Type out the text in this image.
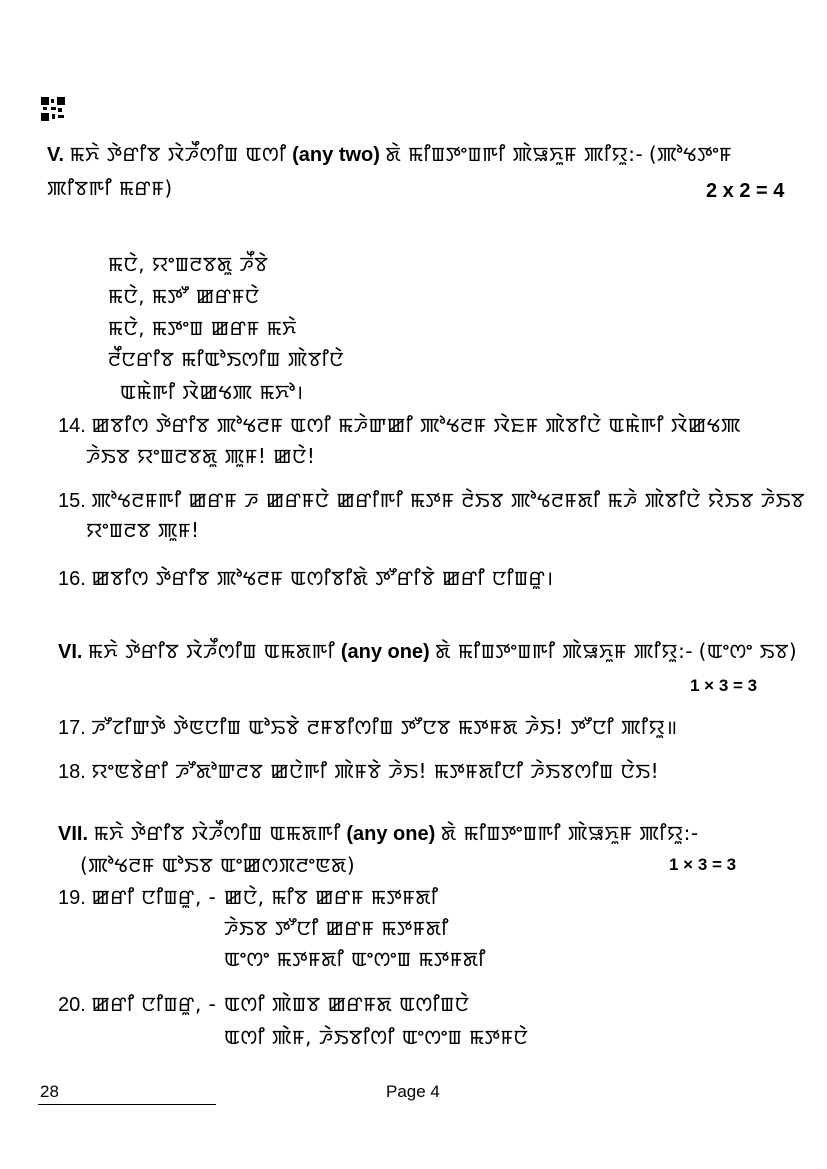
V. ꯃꯈꯥ ꯇꯥꯔꯤꯕ ꯋꯥꯍꯩꯁꯤꯡ ꯑꯁꯤ (any two) ꯗꯥ ꯃꯤꯡꯇꯦꯡꯒꯤ ꯄꯥꯎꯈꯨꯝ ꯄꯤꯌꯨ:- (ꯄꯣꯠꯇꯦꯝ
ꯄꯤꯕꯒꯤ ꯃꯔꯝ)	2 x 2 = 4
ꯃꯅꯥ, ꯌꯦꯡꯂꯕꯗꯨ ꯍꯩꯕꯥ
ꯃꯅꯥ, ꯃꯇꯧ ꯀꯔꯝꯅꯥ
ꯃꯅꯥ, ꯃꯇꯦꯡ ꯀꯔꯝ ꯃꯈꯥ
ꯂꯩꯅꯔꯤꯕ ꯃꯤꯑꯣꯏꯁꯤꯡ ꯄꯥꯕꯤꯅꯥ
ꯑꯃꯥꯒꯤ ꯋꯥꯀꯠꯄ ꯃꯈꯣ।
14. ꯀꯕꯤꯁ ꯇꯥꯔꯤꯕ ꯄꯣꯠꯂꯝ ꯑꯁꯤ ꯃꯍꯥꯛꯀꯤ ꯄꯣꯠꯂꯝ ꯋꯥꯐꯝ ꯄꯥꯕꯤꯅꯥ ꯑꯃꯥꯒꯤ ꯋꯥꯀꯠꯄ
ꯍꯥꯏꯕ ꯌꯦꯡꯂꯕꯗꯨ ꯄꯨꯝ! ꯀꯅꯥ!
15. ꯄꯣꯠꯂꯝꯒꯤ ꯀꯔꯝ ꯍ ꯀꯔꯝꯅꯥ ꯀꯔꯤꯒꯤ ꯃꯇꯝ ꯂꯥꯏꯕ ꯄꯣꯠꯂꯝꯗꯤ ꯃꯍꯥ ꯄꯥꯕꯤꯅꯥ ꯌꯥꯏꯕ ꯍꯥꯏꯕ
ꯌꯦꯡꯂꯕ ꯄꯨꯝ!
16. ꯀꯕꯤꯁ ꯇꯥꯔꯤꯕ ꯄꯣꯠꯂꯝ ꯑꯁꯤꯕꯤꯗꯥ ꯇꯧꯔꯤꯕꯥ ꯀꯔꯤ ꯅꯤꯡꯔꯨ।
VI. ꯃꯈꯥ ꯇꯥꯔꯤꯕ ꯋꯥꯍꯩꯁꯤꯡ ꯑꯃꯗꯒꯤ (any one) ꯗꯥ ꯃꯤꯡꯇꯦꯡꯒꯤ ꯄꯥꯎꯈꯨꯝ ꯄꯤꯌꯨ:- (ꯑꯦꯁꯦ ꯏꯕ)
1 × 3 = 3
17. ꯍꯧꯖꯤꯛꯇꯥ ꯇꯥꯟꯅꯤꯡ ꯑꯣꯢꯕꯥ ꯂꯝꯕꯤꯁꯤꯡ ꯇꯧꯅꯕ ꯃꯇꯝꯗ ꯍꯥꯏ! ꯇꯧꯅꯤ ꯄꯤꯌꯨ॥
18. ꯌꯦꯟꯕꯥꯔꯤ ꯍꯧꯗꯣꯛꯂꯕ ꯀꯅꯥꯒꯤ ꯄꯥꯝꯕꯥ ꯍꯥꯏ! ꯃꯇꯝꯗꯤꯅꯤ ꯍꯥꯏꯕꯁꯤꯡ ꯅꯥꯏ!
VII. ꯃꯈꯥ ꯇꯥꯔꯤꯕ ꯋꯥꯍꯩꯁꯤꯡ ꯑꯃꯗꯒꯤ (any one) ꯗꯥ ꯃꯤꯡꯇꯦꯡꯒꯤ ꯄꯥꯎꯈꯨꯝ ꯄꯤꯌꯨ:-
(ꯄꯣꯠꯂꯝ ꯑꯣꯏꯕ ꯑꯦꯀꯁꯞꯂꯦꯟꯗ)	1 × 3 = 3
19. ꯀꯔꯤ ꯅꯤꯡꯔꯨ, - ꯀꯅꯥ, ꯃꯤꯕ ꯀꯔꯝ ꯃꯇꯝꯗꯤ
ꯍꯥꯏꯕ ꯇꯧꯅꯤ ꯀꯔꯝ ꯃꯇꯝꯗꯤ
ꯑꯦꯁꯦ ꯃꯇꯝꯗꯤ ꯑꯦꯁꯦꯡ ꯃꯇꯝꯗꯤ
20. ꯀꯔꯤ ꯅꯤꯡꯔꯨ, - ꯑꯁꯤ ꯄꯥꯡꯕ ꯀꯔꯝꯗ ꯑꯁꯤꯡꯅꯥ
ꯑꯁꯤ ꯄꯥꯝ, ꯍꯥꯏꯕꯤꯁꯤ ꯑꯦꯁꯦꯡ ꯃꯇꯝꯅꯥ
28	Page 4
